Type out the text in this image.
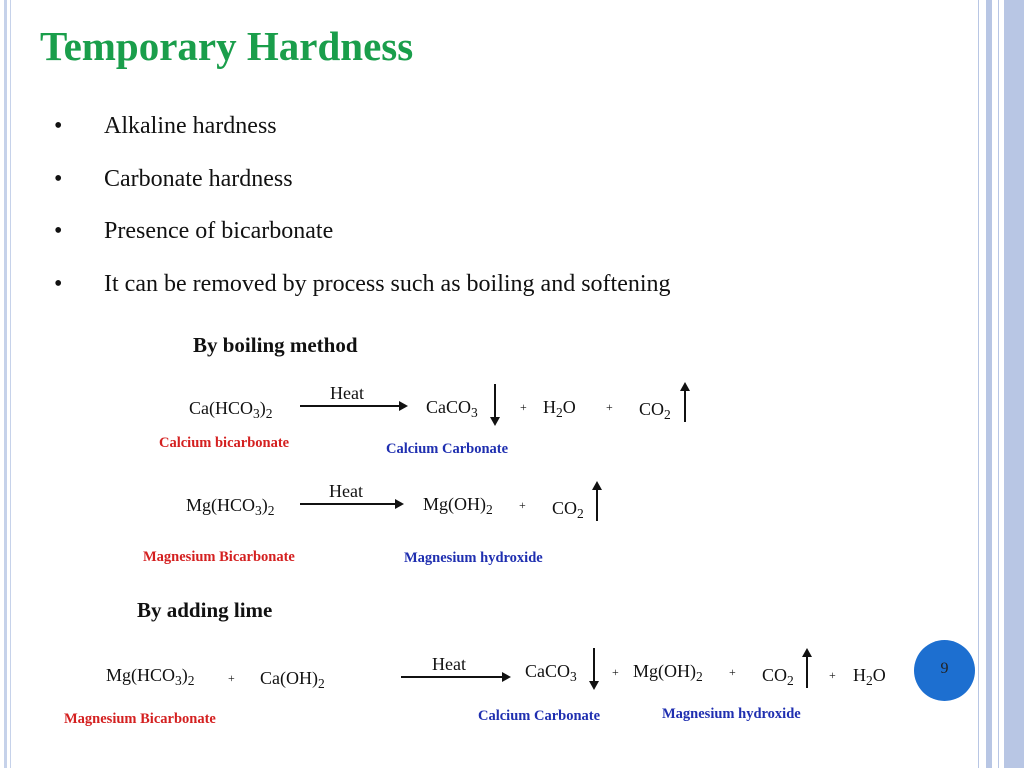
Temporary Hardness
•	Alkaline hardness
•	Carbonate hardness
•	Presence of bicarbonate
•	It can be removed by process such as boiling and softening
By boiling method
$Ca(HCO_3)_2$
Heat
CaCO$_3$	+ $H_2O$	+ $CO_2$
Calcium bicarbonate	Calcium Carbonate
$Mg(HCO_3)_2$
Heat
$Mg(OH)_2 + CO_2$
Magnesium Bicarbonate	Magnesium hydroxide
By adding lime
$Mg(HCO_3)_2$	+ $Ca(OH)_2$
Heat	CaCO$_3$	+ $Mg(OH)_2 + CO_2$	+ $H_2O$
Magnesium Bicarbonate	Calcium Carbonate	Magnesium hydroxide
9
